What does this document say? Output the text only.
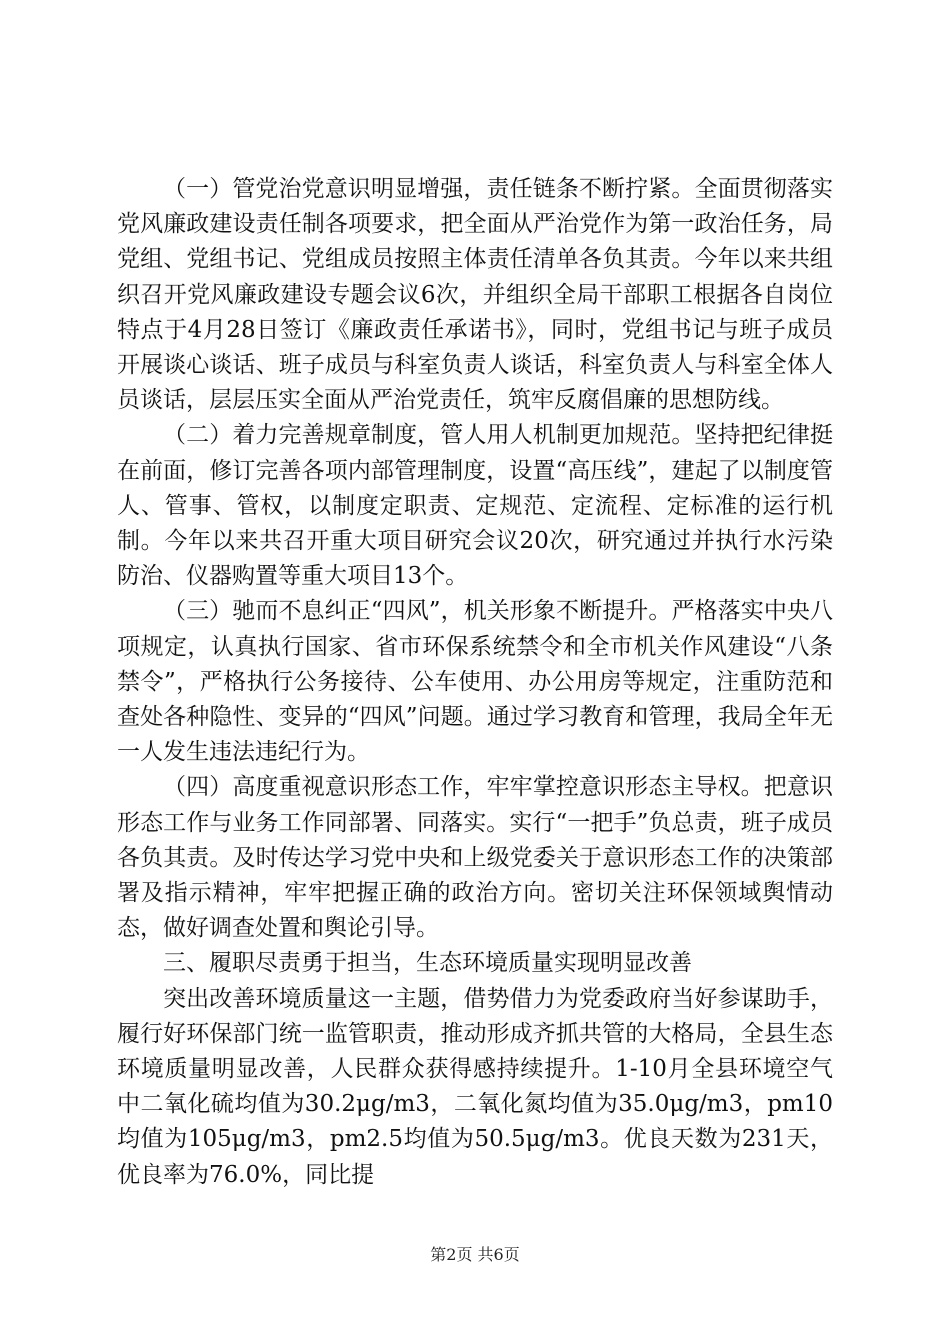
（一）管党治党意识明显增强，责任链条不断拧紧。全面贯彻落实党风廉政建设责任制各项要求，把全面从严治党作为第一政治任务，局党组、党组书记、党组成员按照主体责任清单各负其责。今年以来共组织召开党风廉政建设专题会议6次，并组织全局干部职工根据各自岗位特点于4月28日签订《廉政责任承诺书》，同时，党组书记与班子成员开展谈心谈话、班子成员与科室负责人谈话，科室负责人与科室全体人员谈话，层层压实全面从严治党责任，筑牢反腐倡廉的思想防线。

（二）着力完善规章制度，管人用人机制更加规范。坚持把纪律挺在前面，修订完善各项内部管理制度，设置“高压线”，建起了以制度管人、管事、管权，以制度定职责、定规范、定流程、定标准的运行机制。今年以来共召开重大项目研究会议20次，研究通过并执行水污染防治、仪器购置等重大项目13个。

（三）驰而不息纠正“四风”，机关形象不断提升。严格落实中央八项规定，认真执行国家、省市环保系统禁令和全市机关作风建设“八条禁令”，严格执行公务接待、公车使用、办公用房等规定，注重防范和查处各种隐性、变异的“四风”问题。通过学习教育和管理，我局全年无一人发生违法违纪行为。

（四）高度重视意识形态工作，牢牢掌控意识形态主导权。把意识形态工作与业务工作同部署、同落实。实行“一把手”负总责，班子成员各负其责。及时传达学习党中央和上级党委关于意识形态工作的决策部署及指示精神，牢牢把握正确的政治方向。密切关注环保领域舆情动态，做好调查处置和舆论引导。

三、履职尽责勇于担当，生态环境质量实现明显改善

突出改善环境质量这一主题，借势借力为党委政府当好参谋助手，履行好环保部门统一监管职责，推动形成齐抓共管的大格局，全县生态环境质量明显改善，人民群众获得感持续提升。1-10月全县环境空气中二氧化硫均值为30.2μg/m3，二氧化氮均值为35.0μg/m3，pm10均值为105μg/m3，pm2.5均值为50.5μg/m3。优良天数为231天，优良率为76.0%，同比提

第2页 共6页
